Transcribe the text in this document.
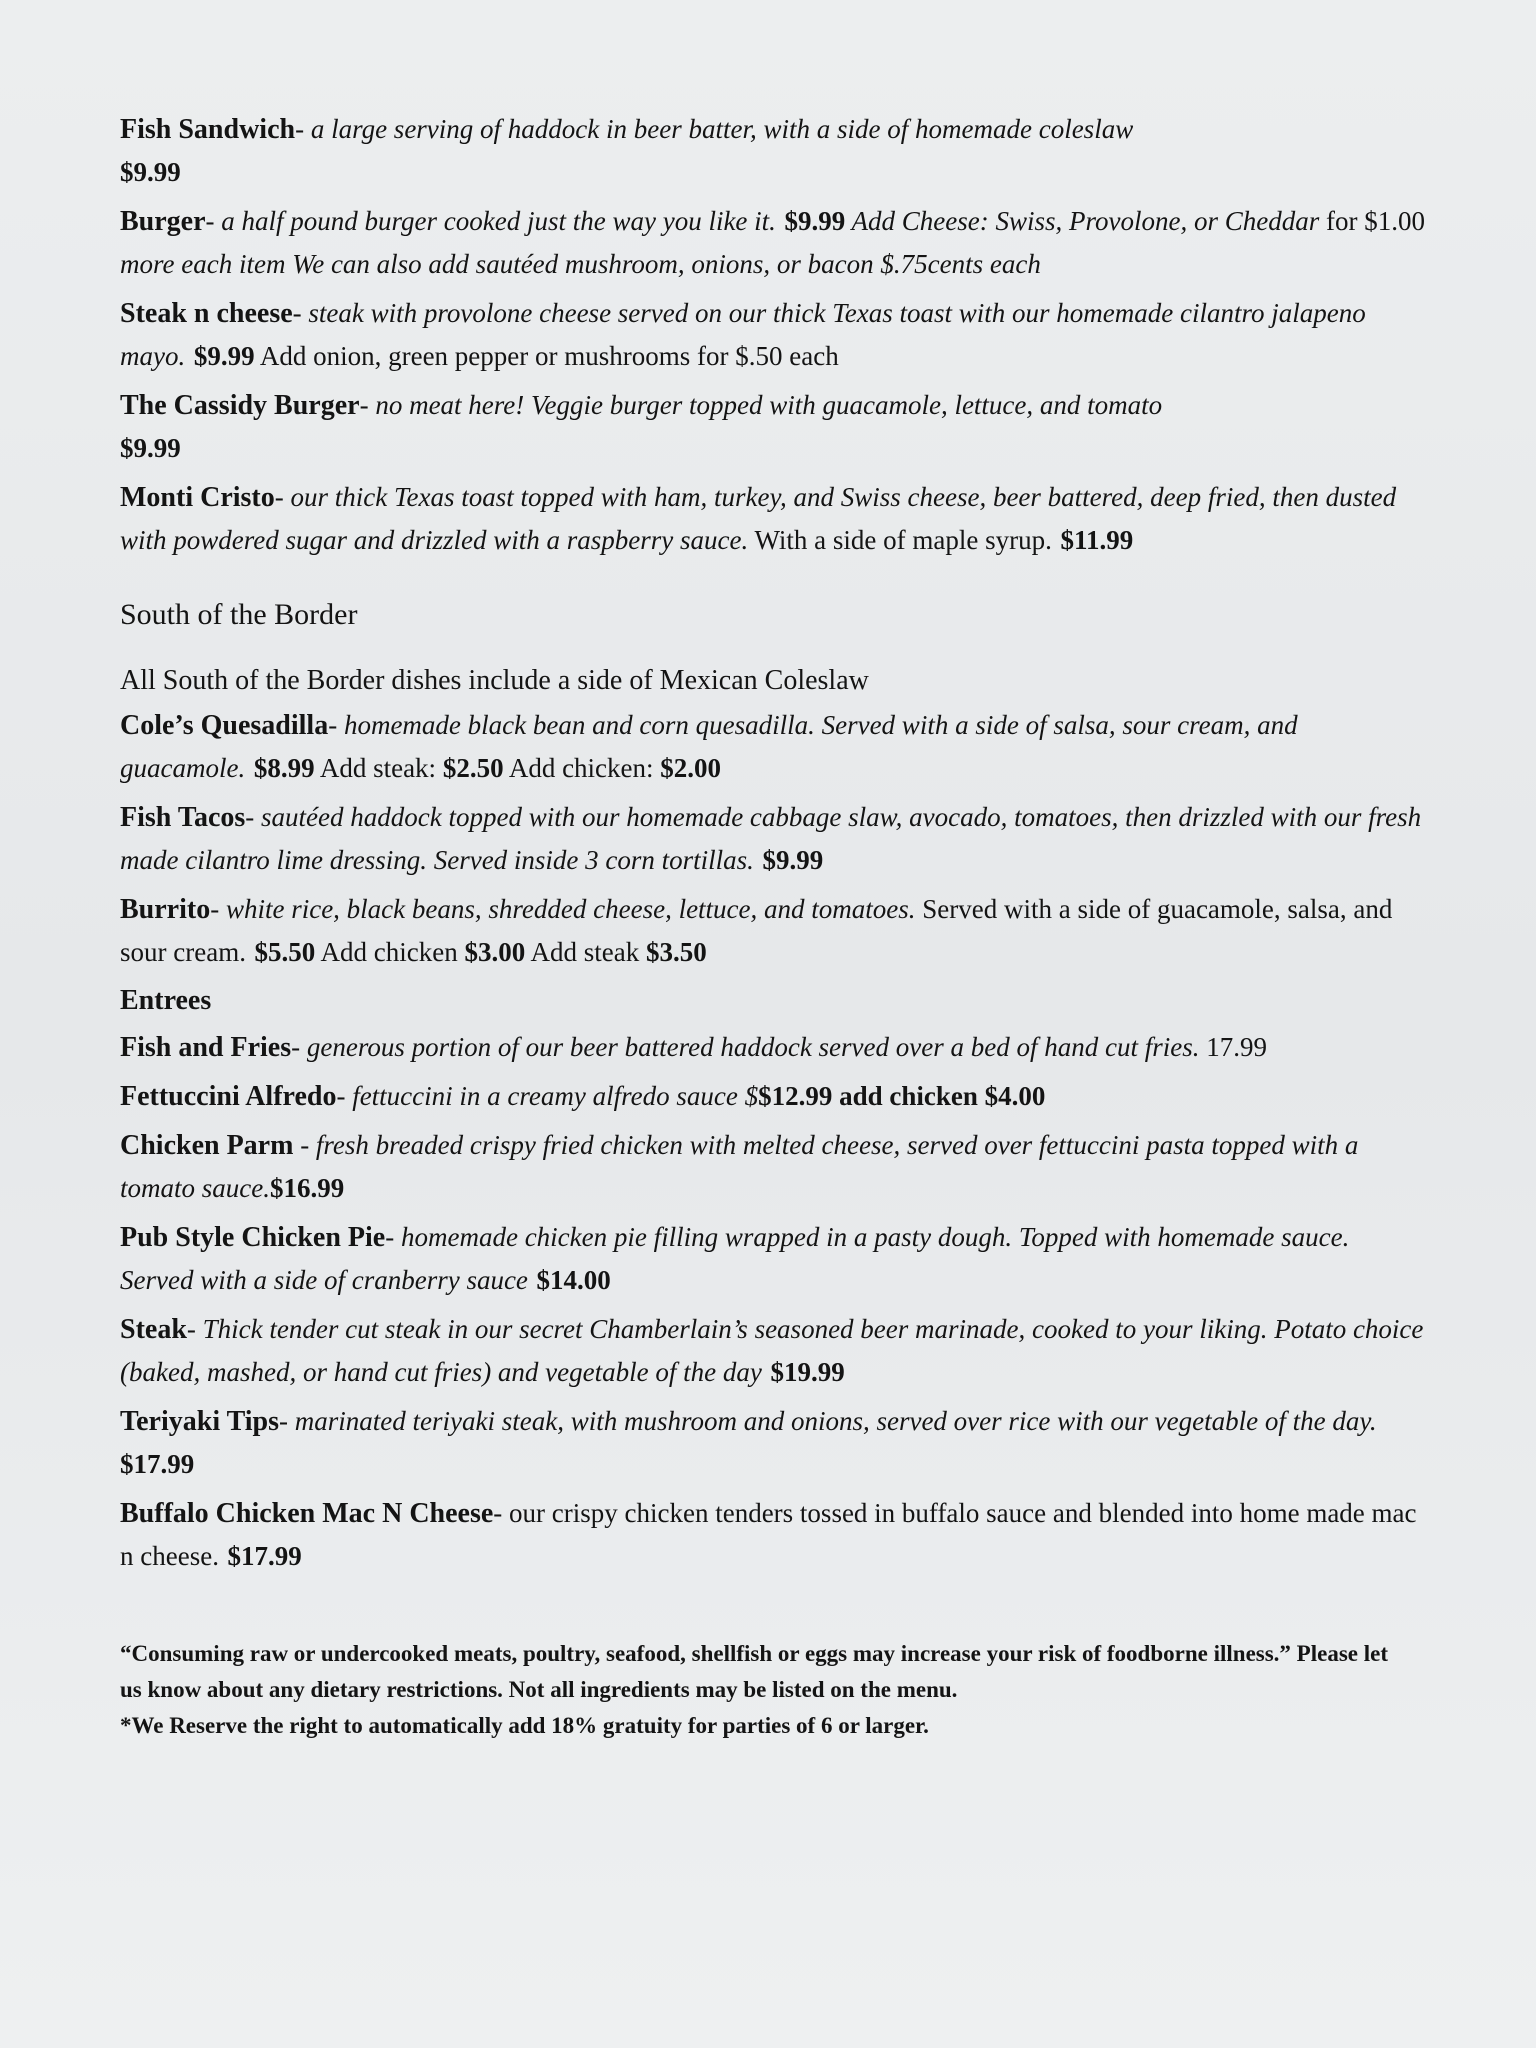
Fish Sandwich- a large serving of haddock in beer batter, with a side of homemade coleslaw
$9.99

Burger- a half pound burger cooked just the way you like it. $9.99 Add Cheese: Swiss, Provolone, or Cheddar for $1.00 more each item We can also add sautéed mushroom, onions, or bacon $.75cents each

Steak n cheese- steak with provolone cheese served on our thick Texas toast with our homemade cilantro jalapeno mayo. $9.99 Add onion, green pepper or mushrooms for $.50 each

The Cassidy Burger- no meat here! Veggie burger topped with guacamole, lettuce, and tomato
$9.99

Monti Cristo- our thick Texas toast topped with ham, turkey, and Swiss cheese, beer battered, deep fried, then dusted with powdered sugar and drizzled with a raspberry sauce. With a side of maple syrup. $11.99

South of the Border

All South of the Border dishes include a side of Mexican Coleslaw

Cole’s Quesadilla- homemade black bean and corn quesadilla. Served with a side of salsa, sour cream, and guacamole. $8.99 Add steak: $2.50 Add chicken: $2.00

Fish Tacos- sautéed haddock topped with our homemade cabbage slaw, avocado, tomatoes, then drizzled with our fresh made cilantro lime dressing. Served inside 3 corn tortillas. $9.99

Burrito- white rice, black beans, shredded cheese, lettuce, and tomatoes. Served with a side of guacamole, salsa, and sour cream. $5.50 Add chicken $3.00 Add steak $3.50

Entrees

Fish and Fries- generous portion of our beer battered haddock served over a bed of hand cut fries. 17.99

Fettuccini Alfredo- fettuccini in a creamy alfredo sauce $$12.99 add chicken $4.00

Chicken Parm - fresh breaded crispy fried chicken with melted cheese, served over fettuccini pasta topped with a tomato sauce.$16.99

Pub Style Chicken Pie- homemade chicken pie filling wrapped in a pasty dough. Topped with homemade sauce. Served with a side of cranberry sauce $14.00

Steak- Thick tender cut steak in our secret Chamberlain’s seasoned beer marinade, cooked to your liking. Potato choice (baked, mashed, or hand cut fries) and vegetable of the day $19.99

Teriyaki Tips- marinated teriyaki steak, with mushroom and onions, served over rice with our vegetable of the day. $17.99

Buffalo Chicken Mac N Cheese- our crispy chicken tenders tossed in buffalo sauce and blended into home made mac n cheese. $17.99

“Consuming raw or undercooked meats, poultry, seafood, shellfish or eggs may increase your risk of foodborne illness.” Please let us know about any dietary restrictions. Not all ingredients may be listed on the menu.

*We Reserve the right to automatically add 18% gratuity for parties of 6 or larger.
